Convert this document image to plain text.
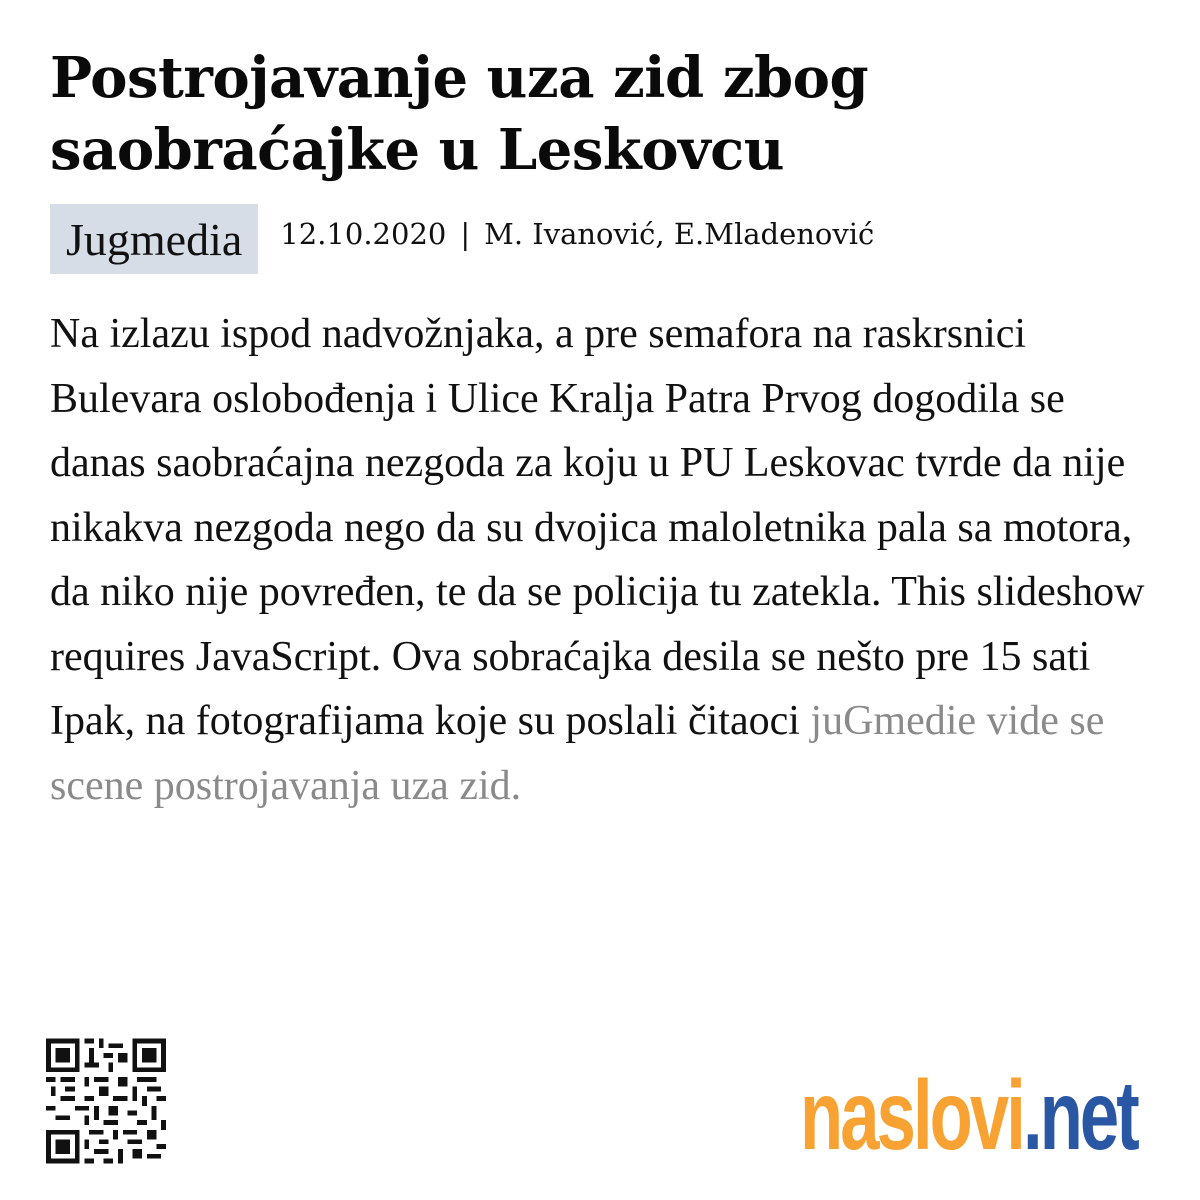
Postrojavanje uza zid zbog saobraćajke u Leskovcu
Jugmedia	12.10.2020 | M. Ivanović, E.Mladenović

Na izlazu ispod nadvožnjaka, a pre semafora na raskrsnici Bulevara oslobođenja i Ulice Kralja Patra Prvog dogodila se danas saobraćajna nezgoda za koju u PU Leskovac tvrde da nije nikakva nezgoda nego da su dvojica maloletnika pala sa motora, da niko nije povređen, te da se policija tu zatekla. This slideshow requires JavaScript. Ova sobraćajka desila se nešto pre 15 sati Ipak, na fotografijama koje su poslali čitaoci juGmedie vide se scene postrojavanja uza zid.

naslovi.net
